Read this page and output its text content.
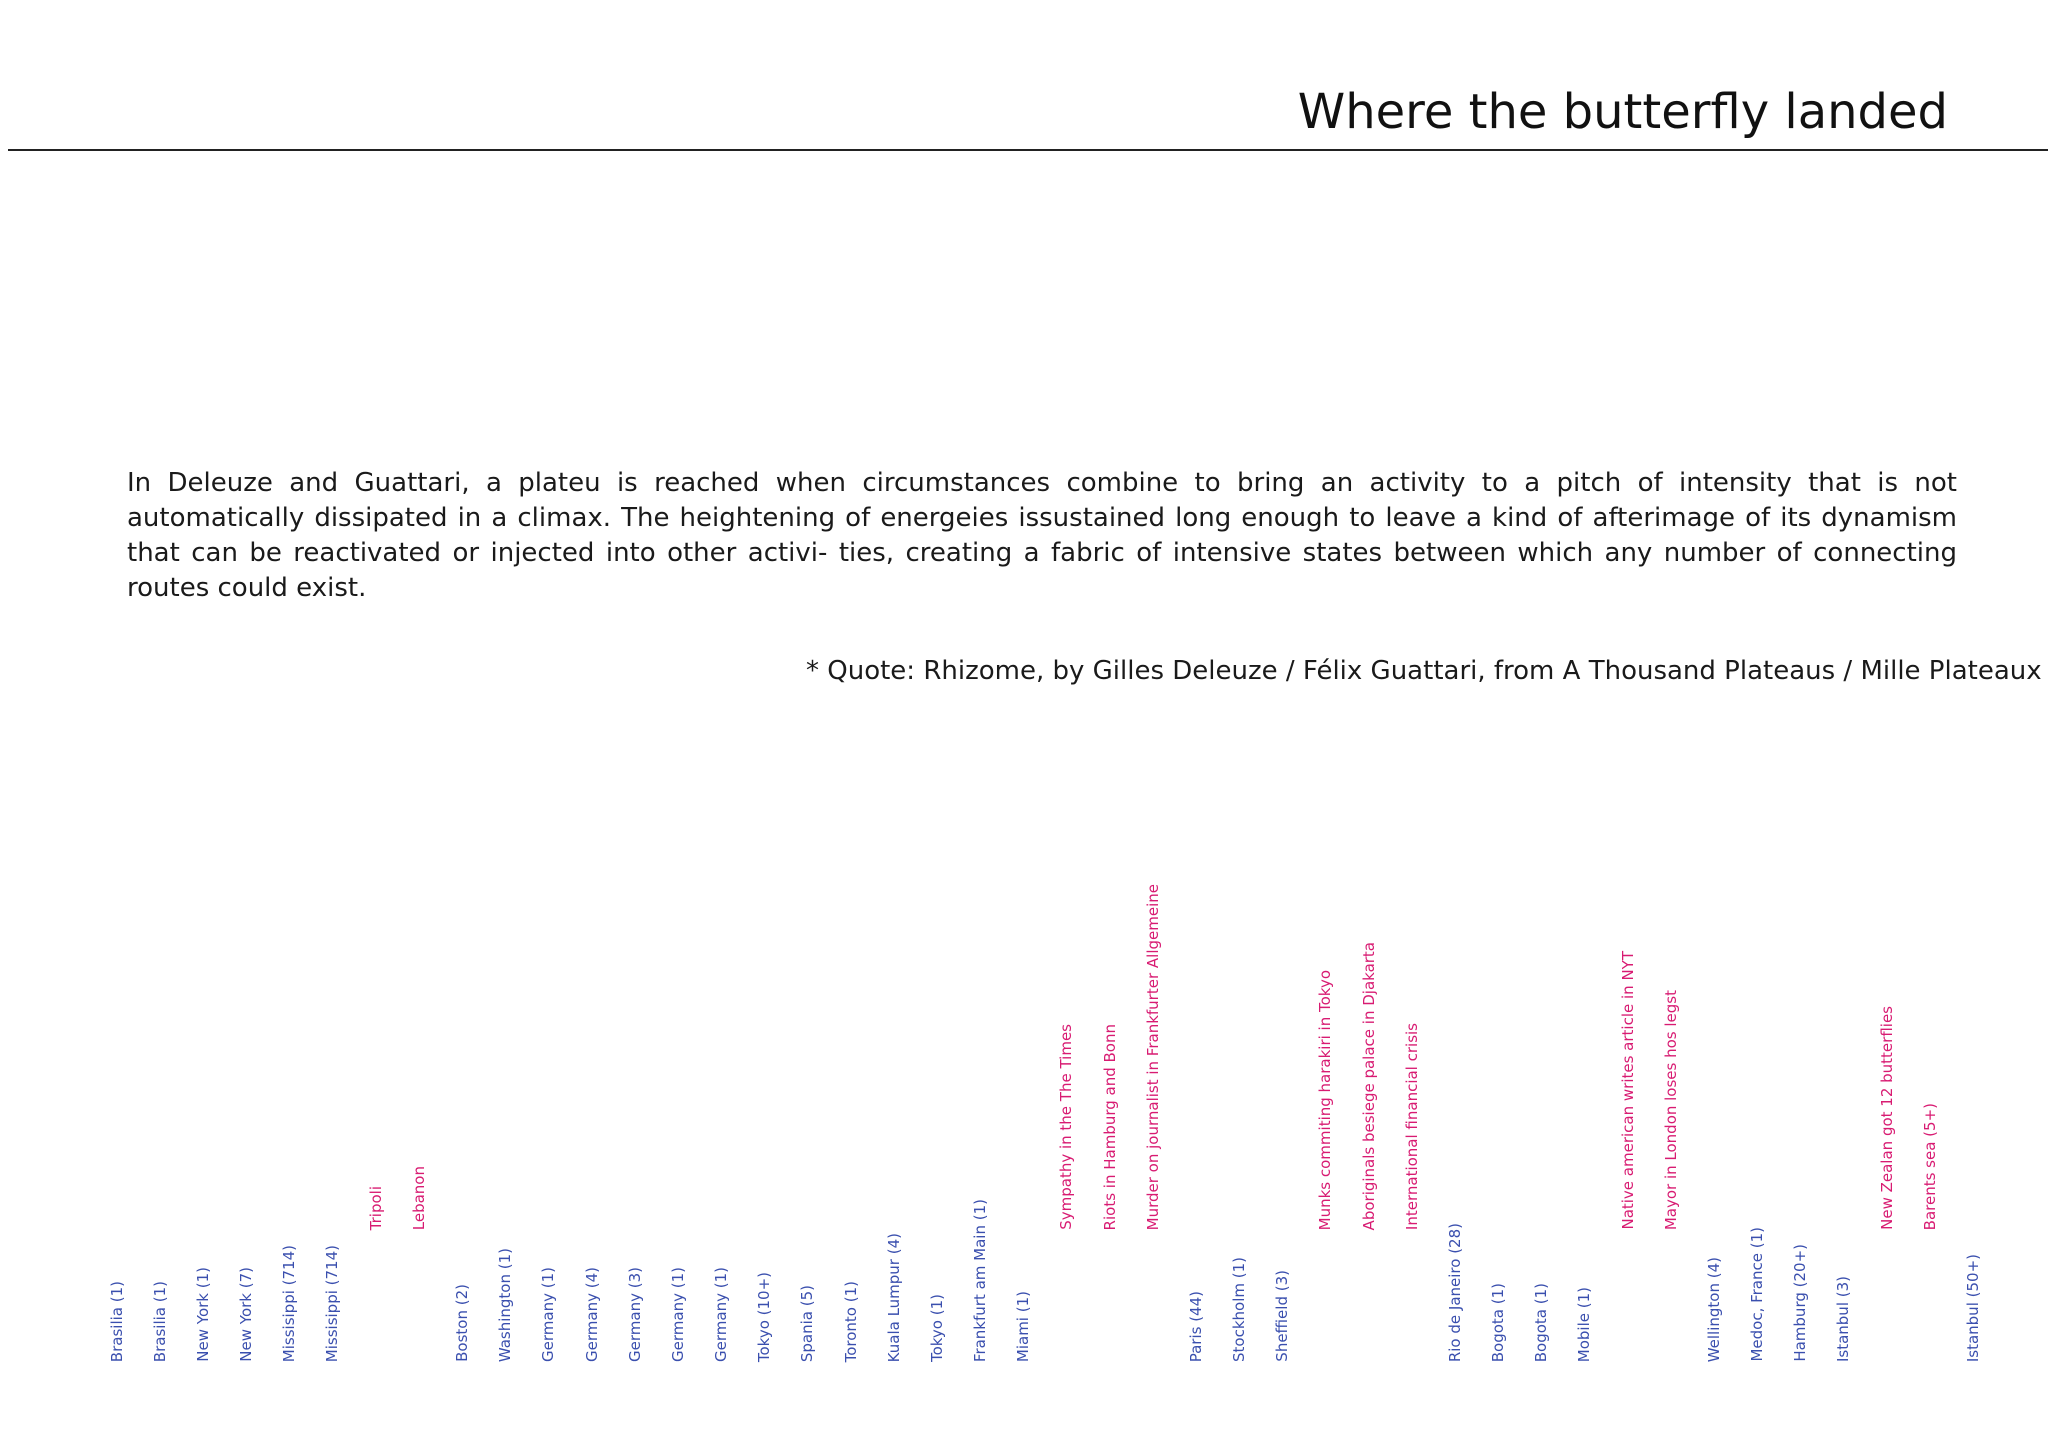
Where the butterfly landed

In Deleuze and Guattari, a plateu is reached when circumstances combine to bring an activity to a pitch of intensity that is not automatically dissipated in a climax. The heightening of energeies issustained long enough to leave a kind of afterimage of its dynamism that can be reactivated or injected into other activi- ties, creating a fabric of intensive states between which any number of connecting routes could exist.

* Quote: Rhizome, by Gilles Deleuze / Félix Guattari, from A Thousand Plateaus / Mille Plateaux

Brasilia (1) Brasilia (1) New York (1) New York (7) Missisippi (714) Missisippi (714)
Tripoli Lebanon
Boston (2) Washington (1) Germany (1) Germany (4) Germany (3) Germany (1) Germany (1) Tokyo (10+) Spania (5) Toronto (1) Kuala Lumpur (4) Tokyo (1) Frankfurt am Main (1) Miami (1)
Sympathy in the The Times Riots in Hamburg and Bonn Murder on journalist in Frankfurter Allgemeine
Paris (44) Stockholm (1) Sheffield (3)
Munks commiting harakiri in Tokyo Aboriginals besiege palace in Djakarta International financial crisis
Rio de Janeiro (28) Bogota (1) Bogota (1) Mobile (1)
Native american writes article in NYT Mayor in London loses hos legst
Wellington (4) Medoc, France (1) Hamburg (20+) Istanbul (3)
New Zealan got 12 butterflies Barents sea (5+)
Istanbul (50+)
